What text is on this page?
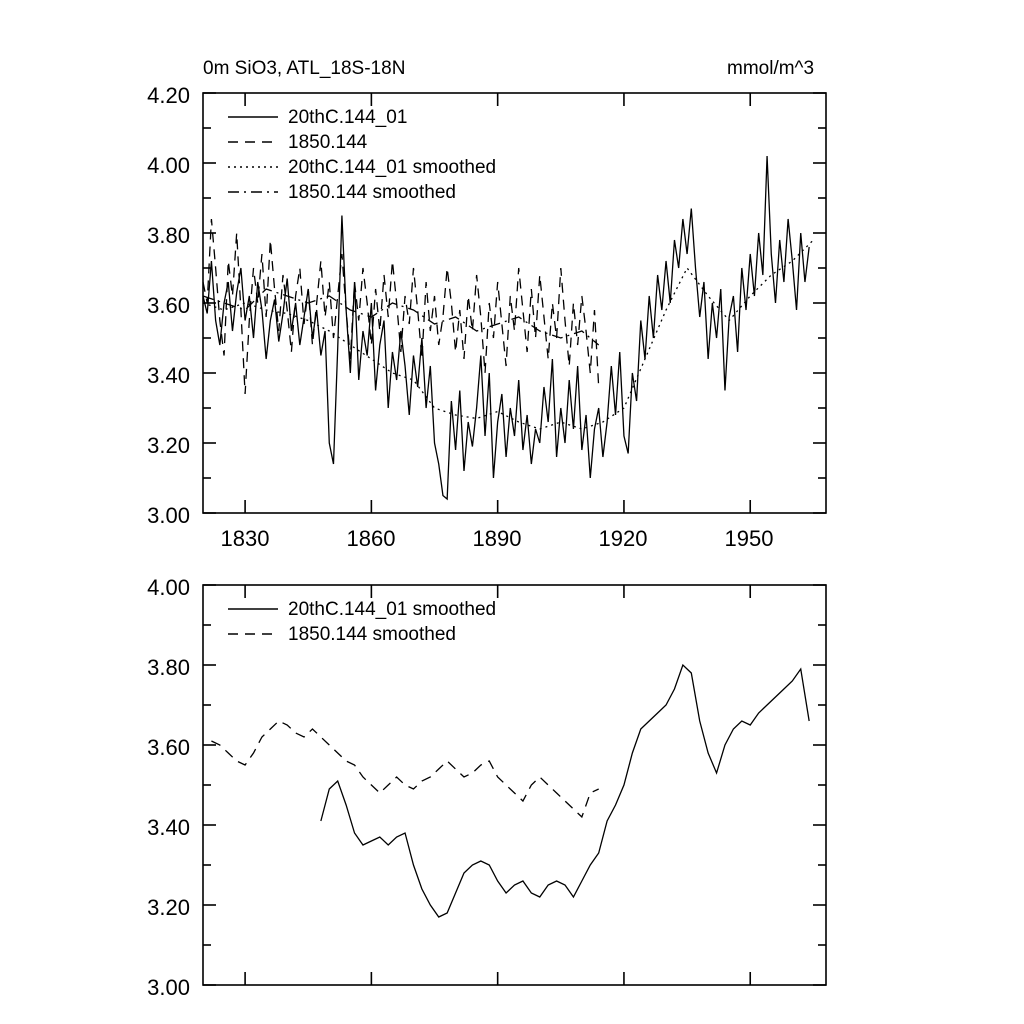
0m SiO3, ATL_18S-18N	mmol/m^3
4.20
4.00
3.80
3.60
3.40
3.20
3.00
1830	1860	1890	1920	1950
20thC.144_01
1850.144
20thC.144_01 smoothed
1850.144 smoothed
4.00
3.80
3.60
3.40
3.20
3.00
20thC.144_01 smoothed
1850.144 smoothed
